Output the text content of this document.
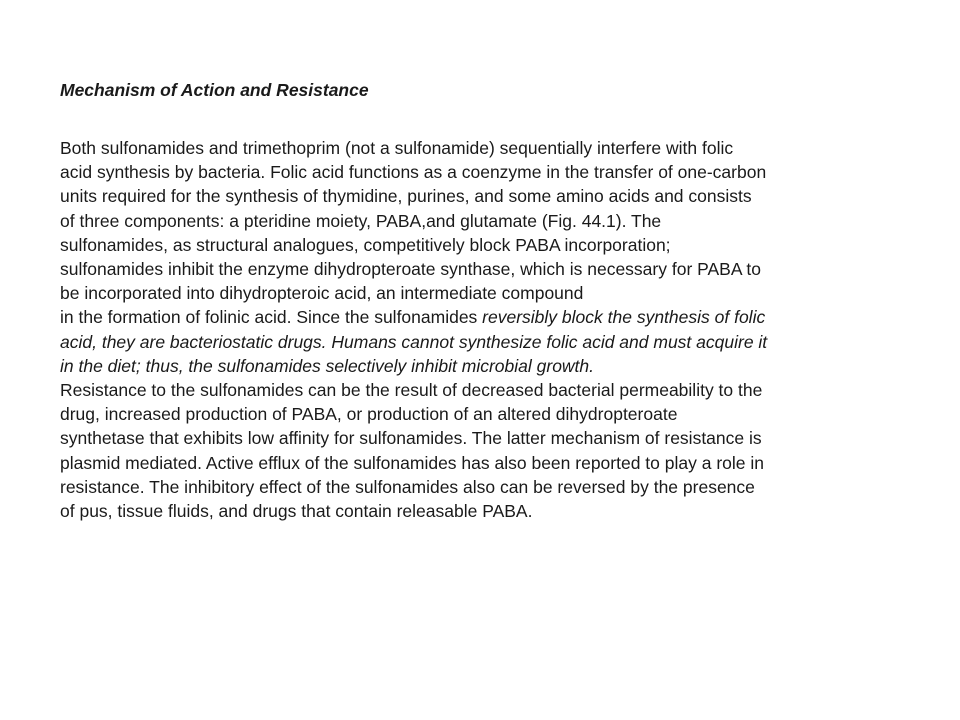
Mechanism of Action and Resistance
Both sulfonamides and trimethoprim (not a sulfonamide) sequentially interfere with folic
acid synthesis by bacteria. Folic acid functions as a coenzyme in the transfer of one-carbon
units required for the synthesis of thymidine, purines, and some amino acids and consists
of three components: a pteridine moiety, PABA,and glutamate (Fig. 44.1). The
sulfonamides, as structural analogues, competitively block PABA incorporation;
sulfonamides inhibit the enzyme dihydropteroate synthase, which is necessary for PABA to
be incorporated into dihydropteroic acid, an intermediate compound
in the formation of folinic acid. Since the sulfonamides reversibly block the synthesis of folic
acid, they are bacteriostatic drugs. Humans cannot synthesize folic acid and must acquire it
in the diet; thus, the sulfonamides selectively inhibit microbial growth.
Resistance to the sulfonamides can be the result of decreased bacterial permeability to the
drug, increased production of PABA, or production of an altered dihydropteroate
synthetase that exhibits low affinity for sulfonamides. The latter mechanism of resistance is
plasmid mediated. Active efflux of the sulfonamides has also been reported to play a role in
resistance. The inhibitory effect of the sulfonamides also can be reversed by the presence
of pus, tissue fluids, and drugs that contain releasable PABA.
